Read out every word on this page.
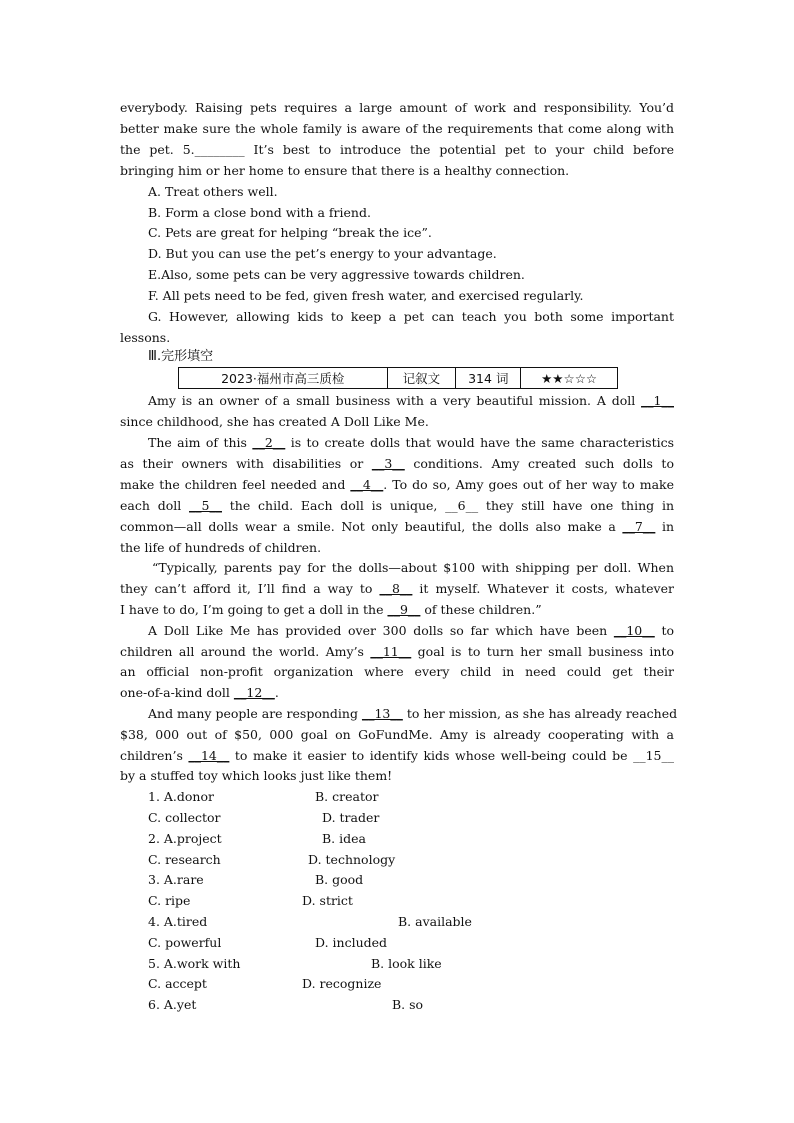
everybody. Raising pets requires a large amount of work and responsibility. You’d
better make sure the whole family is aware of the requirements that come along with
the pet. 5.________ It’s best to introduce the potential pet to your child before
bringing him or her home to ensure that there is a healthy connection.
A. Treat others well.
B. Form a close bond with a friend.
C. Pets are great for helping “break the ice”.
D. But you can use the pet’s energy to your advantage.
E.Also, some pets can be very aggressive towards children.
F. All pets need to be fed, given fresh water, and exercised regularly.
G. However, allowing kids to keep a pet can teach you both some important
lessons.
Ⅲ.完形填空
2023·福州市高三质检	记叙文	314 词	★★☆☆☆
Amy is an owner of a small business with a very beautiful mission. A doll __1__
since childhood, she has created A Doll Like Me.
The aim of this __2__ is to create dolls that would have the same characteristics
as their owners with disabilities or __3__ conditions. Amy created such dolls to
make the children feel needed and __4__. To do so, Amy goes out of her way to make
each doll __5__ the child. Each doll is unique, __6__ they still have one thing in
common—all dolls wear a smile. Not only beautiful, the dolls also make a __7__ in
the life of hundreds of children.
“Typically, parents pay for the dolls—about $100 with shipping per doll. When
they can’t afford it, I’ll find a way to __8__ it myself. Whatever it costs, whatever
I have to do, I’m going to get a doll in the __9__ of these children.”
A Doll Like Me has provided over 300 dolls so far which have been __10__ to
children all around the world. Amy’s __11__ goal is to turn her small business into
an official non-profit organization where every child in need could get their
one-of-a-kind doll __12__.
And many people are responding __13__ to her mission, as she has already reached
$38, 000 out of $50, 000 goal on GoFundMe. Amy is already cooperating with a
children’s __14__ to make it easier to identify kids whose well-being could be __15__
by a stuffed toy which looks just like them!
1. A.donor	B. creator
C. collector	D. trader
2. A.project	B. idea
C. research	D. technology
3. A.rare	B. good
C. ripe	D. strict
4. A.tired	B. available
C. powerful	D. included
5. A.work with	B. look like
C. accept	D. recognize
6. A.yet	B. so
